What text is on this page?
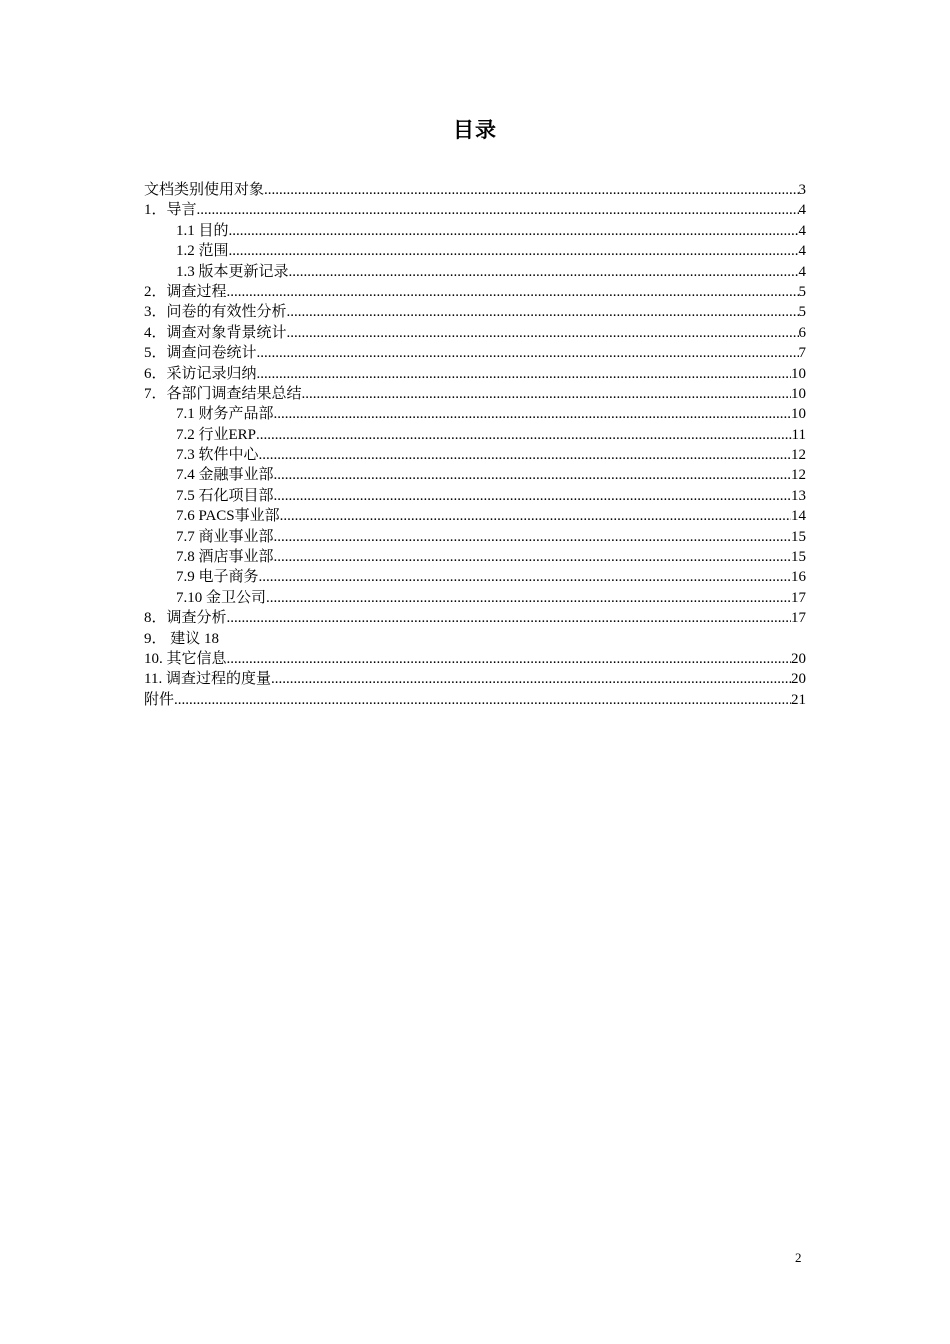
目录
文档类别使用对象 .....	3
1．导言 .....	4
1.1 目的 .....	4
1.2 范围 .....	4
1.3 版本更新记录 .....	4
2．调查过程 .....	5
3．问卷的有效性分析 .....	5
4．调查对象背景统计 .....	6
5．调查问卷统计 .....	7
6．采访记录归纳 .....	10
7．各部门调查结果总结 .....	10
7.1 财务产品部 .....	10
7.2 行业ERP .....	11
7.3 软件中心 .....	12
7.4 金融事业部 .....	12
7.5 石化项目部 .....	13
7.6 PACS事业部 .....	14
7.7 商业事业部 .....	15
7.8 酒店事业部 .....	15
7.9 电子商务 .....	16
7.10 金卫公司 .....	17
8．调查分析 .....	17
9． 建议 18
10. 其它信息 .....	20
11. 调查过程的度量 .....	20
附件 .....	21
2
